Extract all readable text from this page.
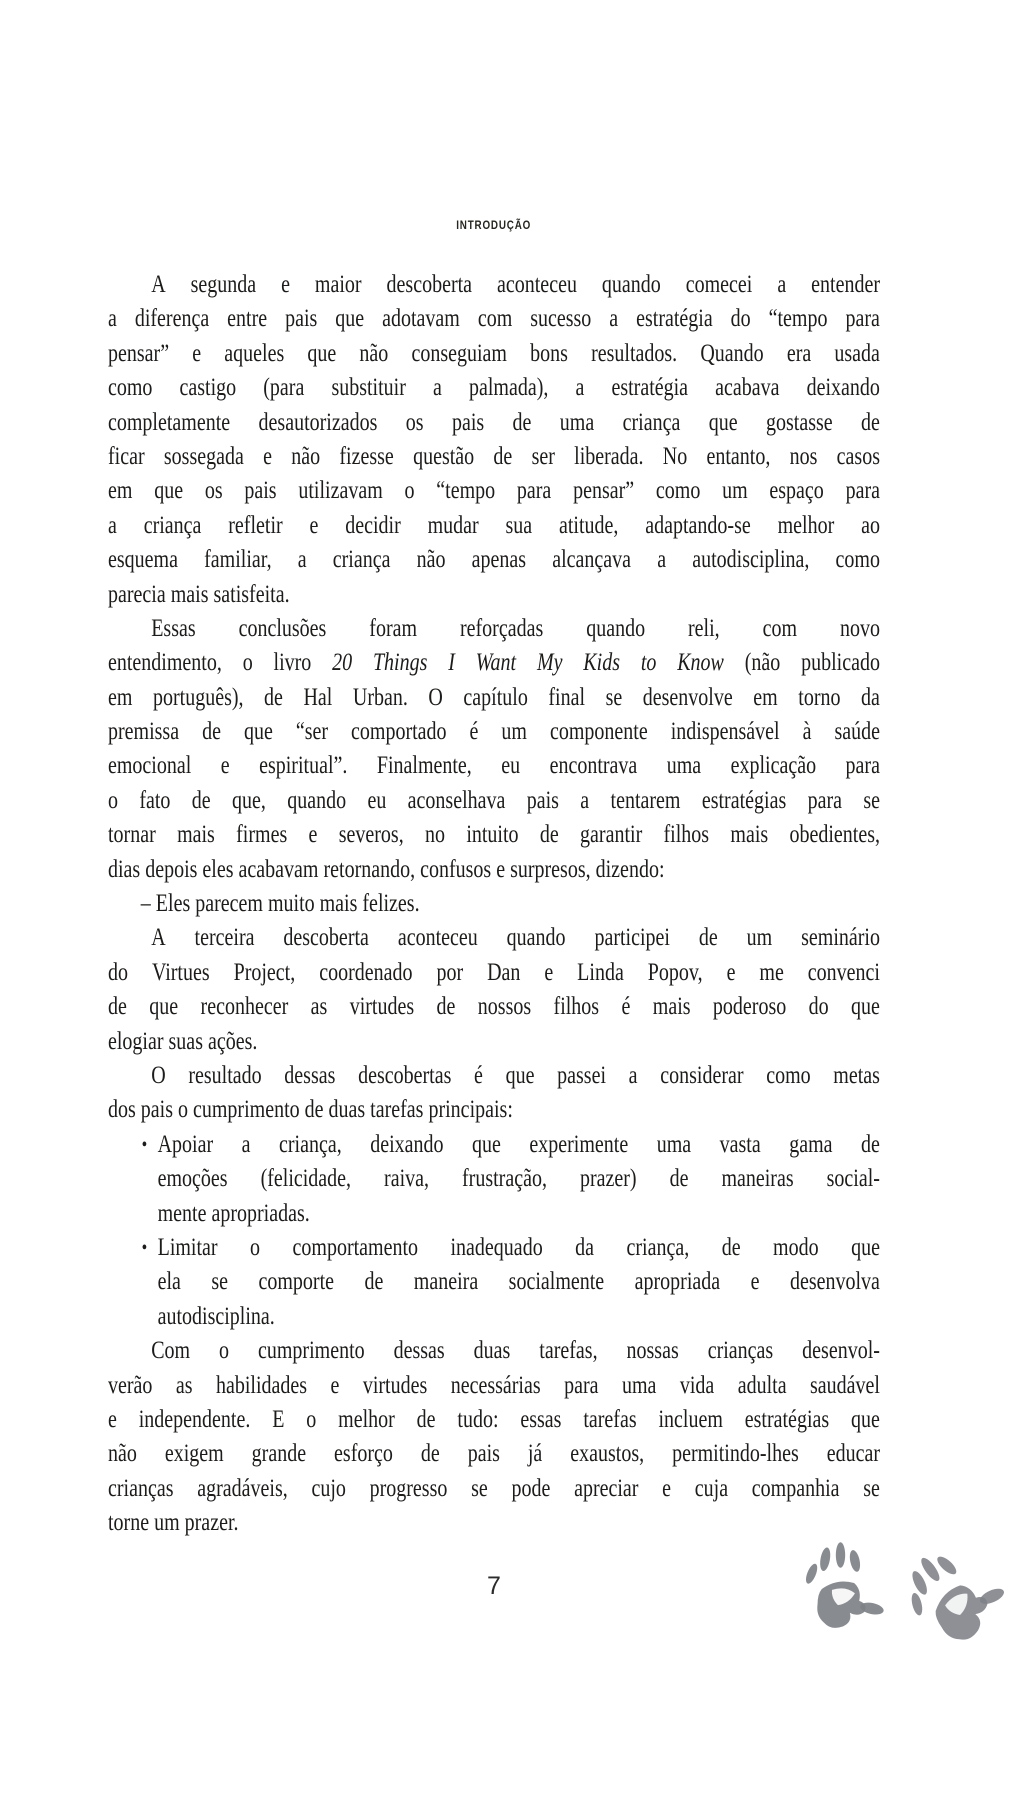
INTRODUÇÃO
A segunda e maior descoberta aconteceu quando comecei a entender
a diferença entre pais que adotavam com sucesso a estratégia do “tempo para
pensar” e aqueles que não conseguiam bons resultados. Quando era usada
como castigo (para substituir a palmada), a estratégia acabava deixando
completamente desautorizados os pais de uma criança que gostasse de
ficar sossegada e não fizesse questão de ser liberada. No entanto, nos casos
em que os pais utilizavam o “tempo para pensar” como um espaço para
a criança refletir e decidir mudar sua atitude, adaptando-se melhor ao
esquema familiar, a criança não apenas alcançava a autodisciplina, como
parecia mais satisfeita.
Essas conclusões foram reforçadas quando reli, com novo
entendimento, o livro 20 Things I Want My Kids to Know (não publicado
em português), de Hal Urban. O capítulo final se desenvolve em torno da
premissa de que “ser comportado é um componente indispensável à saúde
emocional e espiritual”. Finalmente, eu encontrava uma explicação para
o fato de que, quando eu aconselhava pais a tentarem estratégias para se
tornar mais firmes e severos, no intuito de garantir filhos mais obedientes,
dias depois eles acabavam retornando, confusos e surpresos, dizendo:
– Eles parecem muito mais felizes.
A terceira descoberta aconteceu quando participei de um seminário
do Virtues Project, coordenado por Dan e Linda Popov, e me convenci
de que reconhecer as virtudes de nossos filhos é mais poderoso do que
elogiar suas ações.
O resultado dessas descobertas é que passei a considerar como metas
dos pais o cumprimento de duas tarefas principais:
• Apoiar a criança, deixando que experimente uma vasta gama de
emoções (felicidade, raiva, frustração, prazer) de maneiras social-
mente apropriadas.
• Limitar o comportamento inadequado da criança, de modo que
ela se comporte de maneira socialmente apropriada e desenvolva
autodisciplina.
Com o cumprimento dessas duas tarefas, nossas crianças desenvol-
verão as habilidades e virtudes necessárias para uma vida adulta saudável
e independente. E o melhor de tudo: essas tarefas incluem estratégias que
não exigem grande esforço de pais já exaustos, permitindo-lhes educar
crianças agradáveis, cujo progresso se pode apreciar e cuja companhia se
torne um prazer.
7
